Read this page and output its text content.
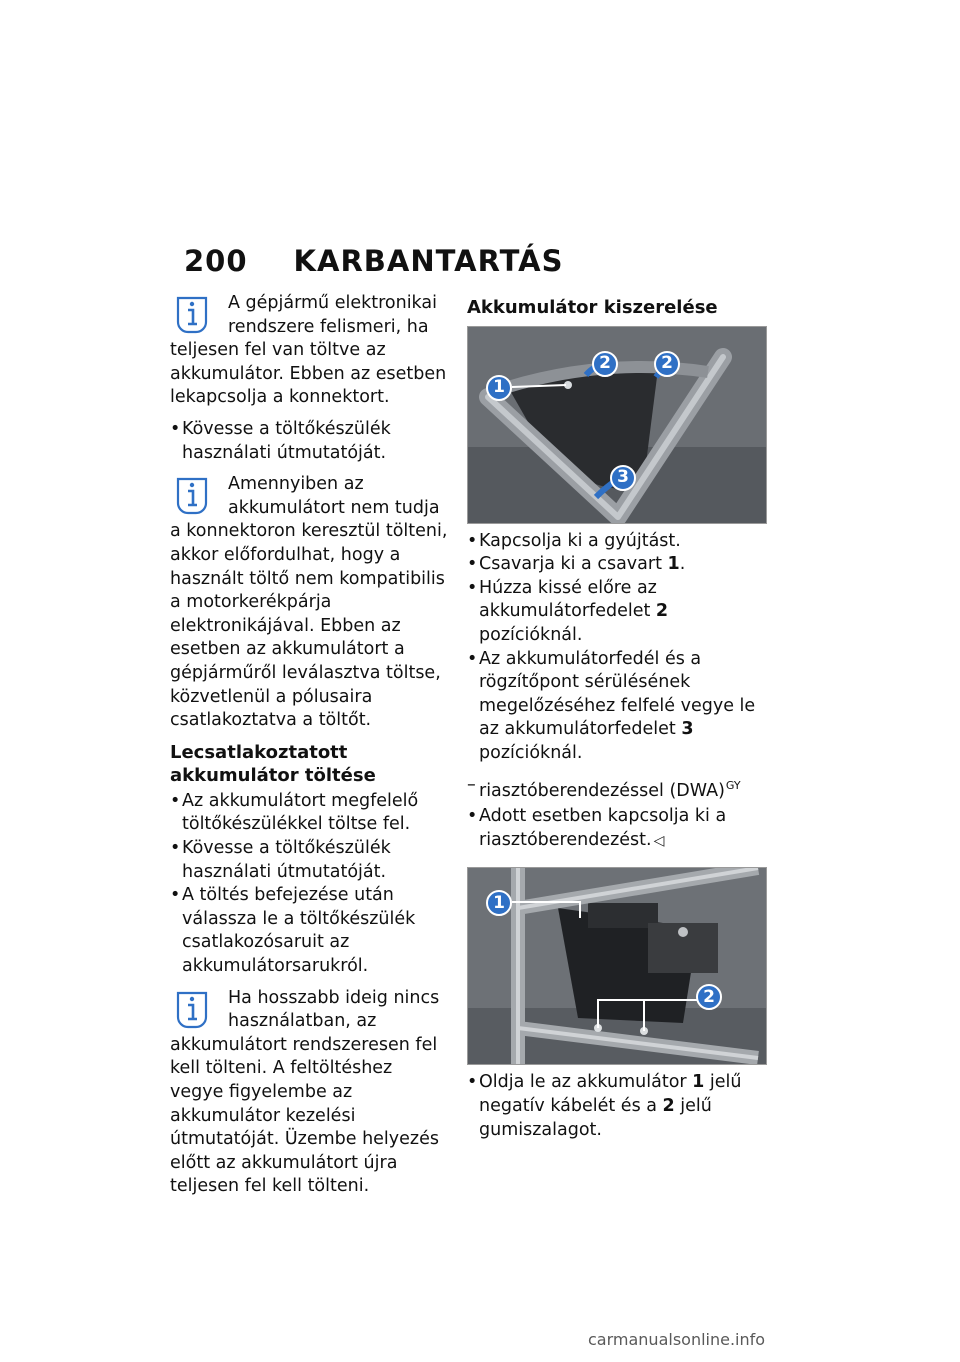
200 KARBANTARTÁS
A gépjármű elektronikai rendszere felismeri, ha teljesen fel van töltve az akkumulátor. Ebben az esetben lekapcsolja a konnektort.
• Kövesse a töltőkészülék használati útmutatóját.
Amennyiben az akkumulátort nem tudja a konnektoron keresztül tölteni, akkor előfordulhat, hogy a használt töltő nem kompatibilis a motorkerékpárja elektronikájával. Ebben az esetben az akkumulátort a gépjárműről leválasztva töltse, közvetlenül a pólusaira csatlakoztatva a töltőt.
Lecsatlakoztatott akkumulátor töltése
• Az akkumulátort megfelelő töltőkészülékkel töltse fel.
• Kövesse a töltőkészülék használati útmutatóját.
• A töltés befejezése után válassza le a töltőkészülék csatlakozósaruit az akkumulátorsarukról.
Ha hosszabb ideig nincs használatban, az akkumulátort rendszeresen fel kell tölteni. A feltöltéshez vegye figyelembe az akkumulátor kezelési útmutatóját. Üzembe helyezés előtt az akkumulátort újra teljesen fel kell tölteni.
Akkumulátor kiszerelése
1
2	2
3
• Kapcsolja ki a gyújtást.
• Csavarja ki a csavart 1.
• Húzza kissé előre az akkumulátorfedelet 2 pozícióknál.
• Az akkumulátorfedél és a rögzítőpont sérülésének megelőzéséhez felfelé vegye le az akkumulátorfedelet 3 pozícióknál.
– riasztóberendezéssel (DWA)$^{GY}$
• Adott esetben kapcsolja ki a riasztóberendezést. ◁
1
2
• Oldja le az akkumulátor 1 jelű negatív kábelét és a 2 jelű gumiszalagot.
carmanualsonline.info
